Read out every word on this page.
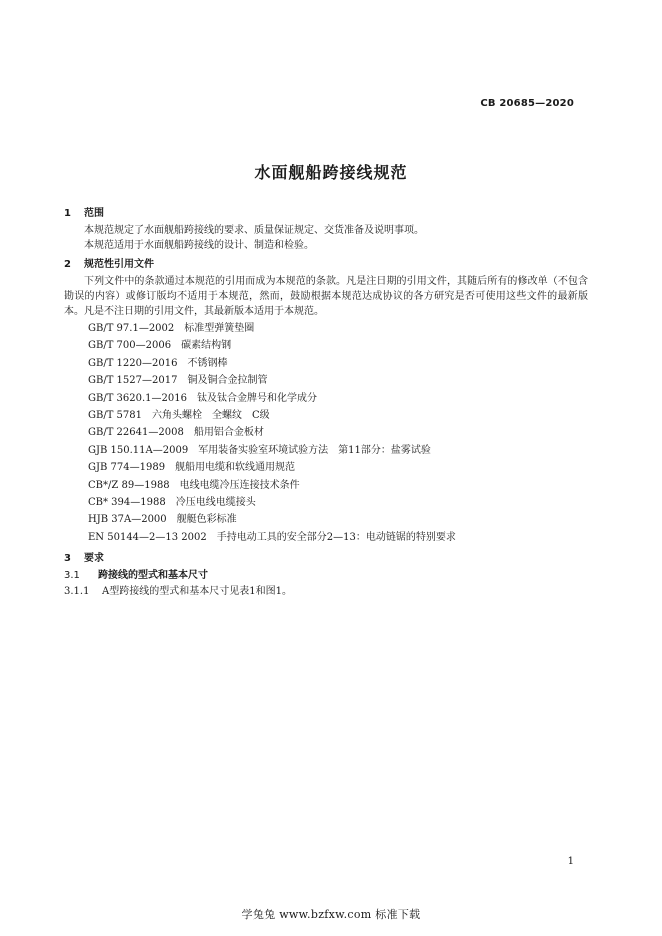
CB 20685—2020
水面舰船跨接线规范
1 范围

本规范规定了水面舰船跨接线的要求、质量保证规定、交货准备及说明事项。

本规范适用于水面舰船跨接线的设计、制造和检验。

2 规范性引用文件

下列文件中的条款通过本规范的引用而成为本规范的条款。凡是注日期的引用文件，其随后所有的修改单（不包含勘误的内容）或修订版均不适用于本规范，然而，鼓励根据本规范达成协议的各方研究是否可使用这些文件的最新版本。凡是不注日期的引用文件，其最新版本适用于本规范。

GB/T 97.1—2002 标准型弹簧垫圈
GB/T 700—2006 碳素结构钢
GB/T 1220—2016 不锈钢棒
GB/T 1527—2017 铜及铜合金拉制管
GB/T 3620.1—2016 钛及钛合金牌号和化学成分
GB/T 5781 六角头螺栓　全螺纹　C级
GB/T 22641—2008 船用铝合金板材
GJB 150.11A—2009 军用装备实验室环境试验方法　第11部分：盐雾试验
GJB 774—1989 舰船用电缆和软线通用规范
CB*/Z 89—1988 电线电缆冷压连接技术条件
CB* 394—1988 冷压电线电缆接头
HJB 37A—2000 舰艇色彩标准
EN 50144—2—13 2002 手持电动工具的安全部分2—13：电动链锯的特别要求
3 要求
3.1 跨接线的型式和基本尺寸
3.1.1 A型跨接线的型式和基本尺寸见表1和图1。
1
学兔兔 www.bzfxw.com 标准下载
